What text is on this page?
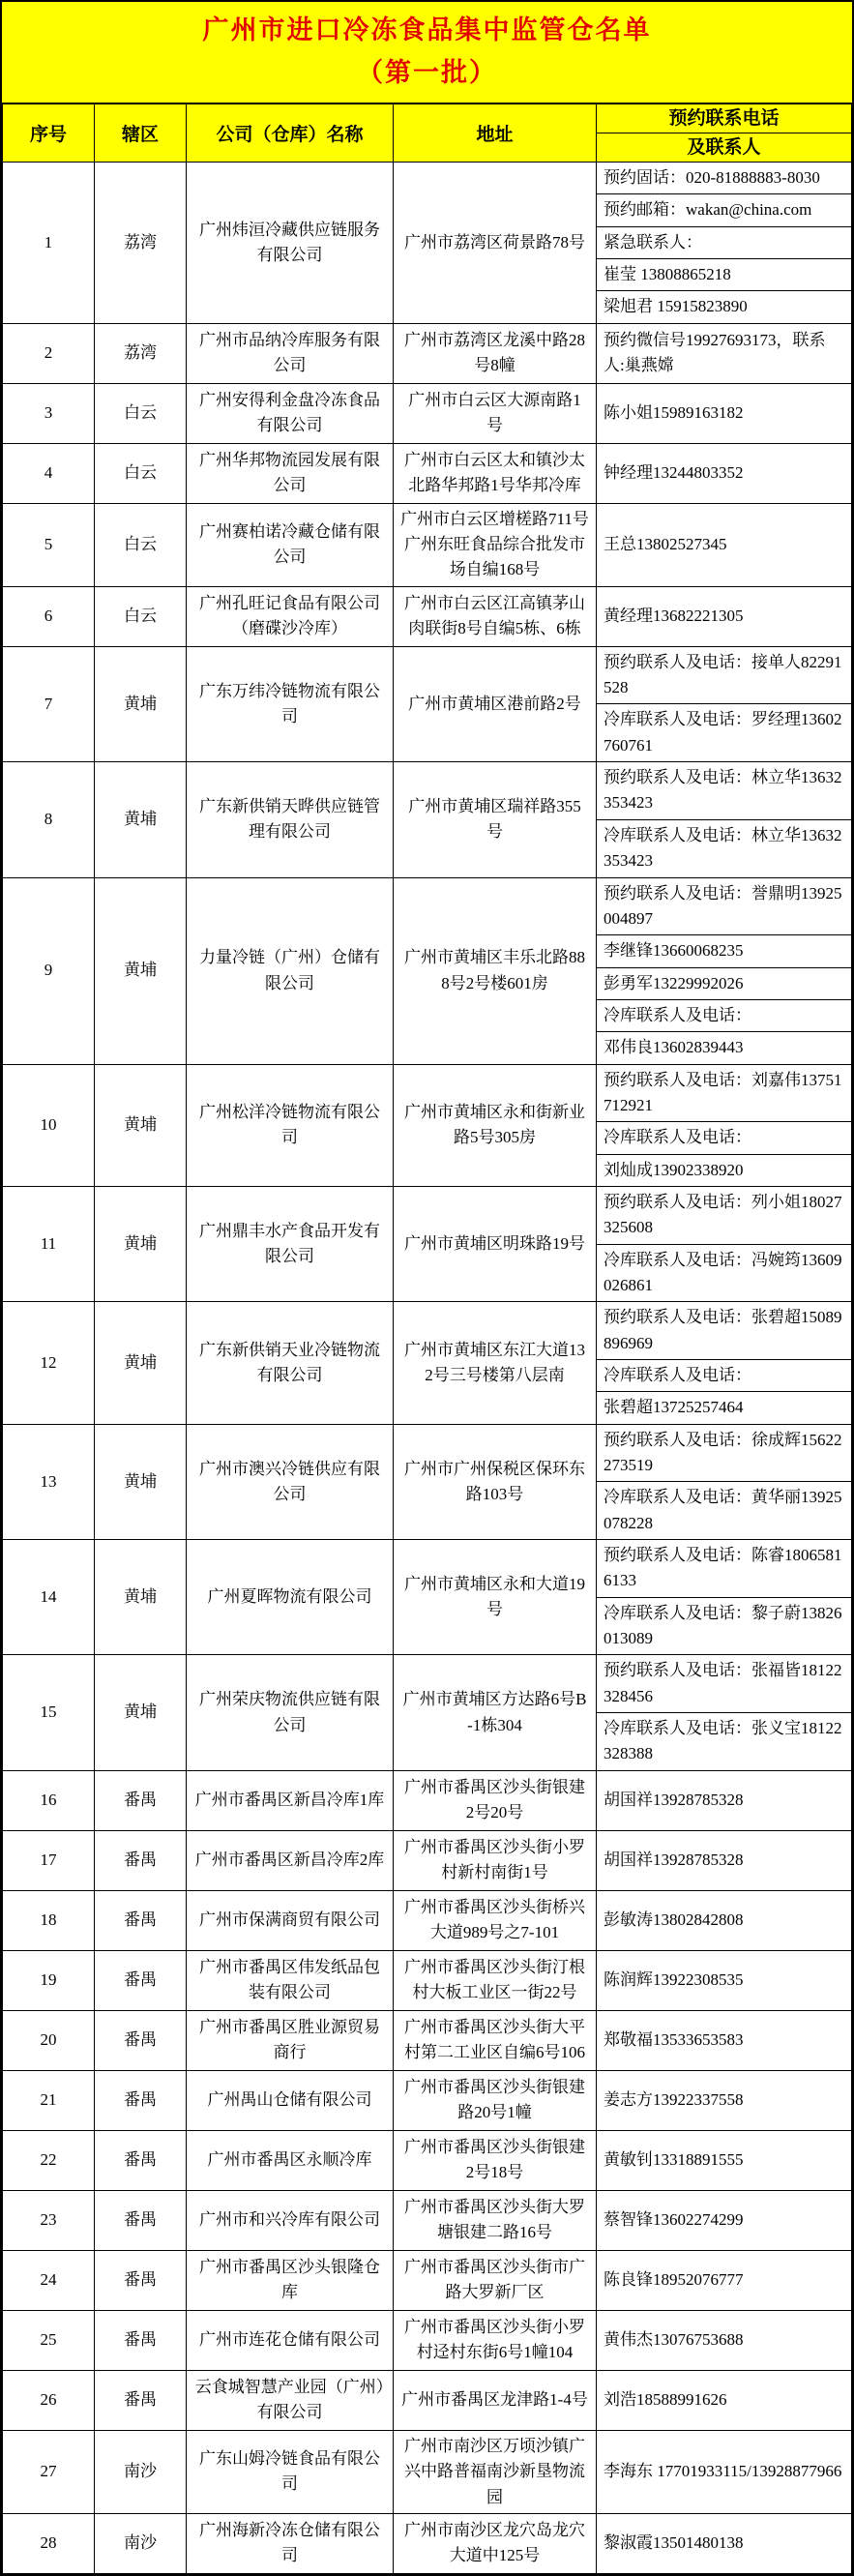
广州市进口冷冻食品集中监管仓名单
（第一批）
序号	辖区	公司（仓库）名称	地址	预约联系电话
及联系人

1	荔湾	广州炜洹冷藏供应链服务有限公司	广州市荔湾区荷景路78号	预约固话：020-81888883-8030
预约邮箱：wakan@china.com
紧急联系人：
崔莹 13808865218
梁旭君 15915823890

2	荔湾	广州市品纳冷库服务有限公司	广州市荔湾区龙溪中路28号8幢	预约微信号19927693173，联系人:巢燕嫦

3	白云	广州安得利金盘冷冻食品有限公司	广州市白云区大源南路1号	陈小姐15989163182

4	白云	广州华邦物流园发展有限公司	广州市白云区太和镇沙太北路华邦路1号华邦冷库	钟经理13244803352

5	白云	广州赛柏诺冷藏仓储有限公司	广州市白云区增槎路711号广州东旺食品综合批发市场自编168号	王总13802527345

6	白云	广州孔旺记食品有限公司（磨碟沙冷库）	广州市白云区江高镇茅山肉联街8号自编5栋、6栋	黄经理13682221305

7	黄埔	广东万纬冷链物流有限公司	广州市黄埔区港前路2号	预约联系人及电话：接单人82291528
冷库联系人及电话：罗经理13602760761

8	黄埔	广东新供销天晔供应链管理有限公司	广州市黄埔区瑞祥路355号	预约联系人及电话：林立华13632353423
冷库联系人及电话：林立华13632353423

9	黄埔	力量冷链（广州）仓储有限公司	广州市黄埔区丰乐北路888号2号楼601房	预约联系人及电话：誉鼎明13925004897
李继锋13660068235
彭勇军13229992026
冷库联系人及电话：
邓伟良13602839443

10	黄埔	广州松洋冷链物流有限公司	广州市黄埔区永和街新业路5号305房	预约联系人及电话：刘嘉伟13751712921
冷库联系人及电话：
刘灿成13902338920

11	黄埔	广州鼎丰水产食品开发有限公司	广州市黄埔区明珠路19号	预约联系人及电话：列小姐18027325608
冷库联系人及电话：冯婉筠13609026861

12	黄埔	广东新供销天业冷链物流有限公司	广州市黄埔区东江大道132号三号楼第八层南	预约联系人及电话：张碧超15089896969
冷库联系人及电话：
张碧超13725257464

13	黄埔	广州市澳兴冷链供应有限公司	广州市广州保税区保环东路103号	预约联系人及电话：徐成辉15622273519
冷库联系人及电话：黄华丽13925078228

14	黄埔	广州夏晖物流有限公司	广州市黄埔区永和大道19号	预约联系人及电话：陈睿18065816133
冷库联系人及电话：黎子蔚13826013089

15	黄埔	广州荣庆物流供应链有限公司	广州市黄埔区方达路6号B-1栋304	预约联系人及电话：张福皆18122328456
冷库联系人及电话：张义宝18122328388

16	番禺	广州市番禺区新昌冷库1库	广州市番禺区沙头街银建2号20号	胡国祥13928785328

17	番禺	广州市番禺区新昌冷库2库	广州市番禺区沙头街小罗村新村南街1号	胡国祥13928785328

18	番禺	广州市保满商贸有限公司	广州市番禺区沙头街桥兴大道989号之7-101	彭敏涛13802842808

19	番禺	广州市番禺区伟发纸品包装有限公司	广州市番禺区沙头街汀根村大板工业区一街22号	陈润辉13922308535

20	番禺	广州市番禺区胜业源贸易商行	广州市番禺区沙头街大平村第二工业区自编6号106	郑敬福13533653583

21	番禺	广州禺山仓储有限公司	广州市番禺区沙头街银建路20号1幢	姜志方13922337558

22	番禺	广州市番禺区永顺冷库	广州市番禺区沙头街银建2号18号	黄敏钊13318891555

23	番禺	广州市和兴冷库有限公司	广州市番禺区沙头街大罗塘银建二路16号	蔡智锋13602274299

24	番禺	广州市番禺区沙头银隆仓库	广州市番禺区沙头街市广路大罗新厂区	陈良锋18952076777

25	番禺	广州市连花仓储有限公司	广州市番禺区沙头街小罗村迳村东街6号1幢104	黄伟杰13076753688

26	番禺	云食城智慧产业园（广州）有限公司	广州市番禺区龙津路1-4号	刘浩18588991626

27	南沙	广东山姆冷链食品有限公司	广州市南沙区万顷沙镇广兴中路普福南沙新垦物流园	李海东 17701933115/13928877966

28	南沙	广州海新冷冻仓储有限公司	广州市南沙区龙穴岛龙穴大道中125号	黎淑霞13501480138
